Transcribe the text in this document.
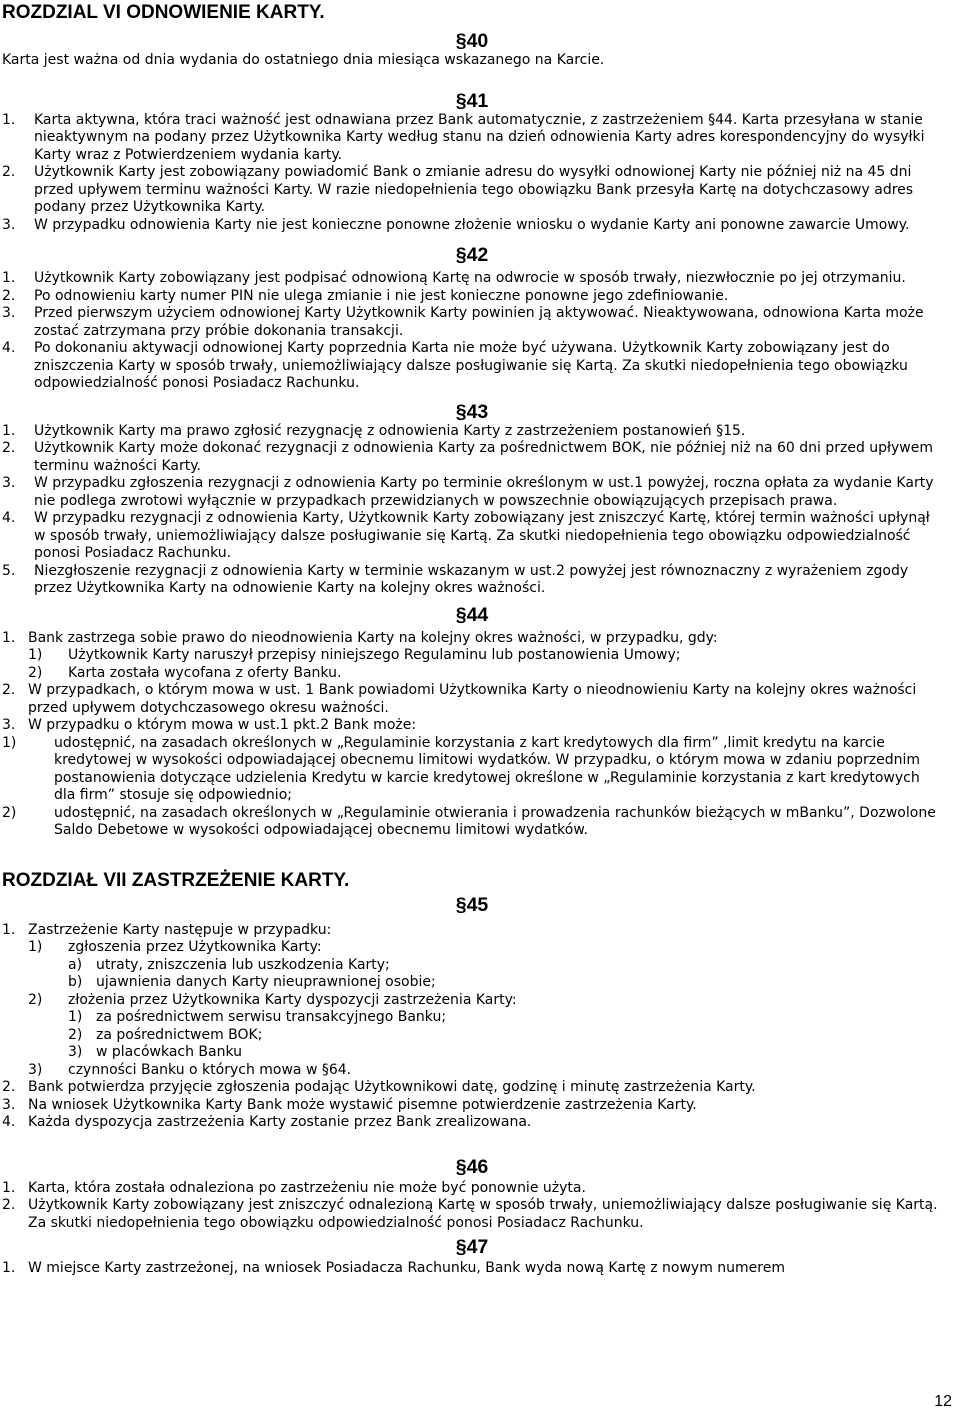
ROZDZIAL VI ODNOWIENIE KARTY.

§ 40

Karta jest ważna od dnia wydania do ostatniego dnia miesiąca wskazanego na Karcie.

§ 41

1.	Karta aktywna, która traci ważność jest odnawiana przez Bank automatycznie, z zastrzeżeniem §44. Karta przesyłana w stanie nieaktywnym na podany przez Użytkownika Karty według stanu na dzień odnowienia Karty adres korespondencyjny do wysyłki Karty wraz z Potwierdzeniem wydania karty.
2.	Użytkownik Karty jest zobowiązany powiadomić Bank o zmianie adresu do wysyłki odnowionej Karty nie później niż na 45 dni przed upływem terminu ważności Karty. W razie niedopełnienia tego obowiązku Bank przesyła Kartę na dotychczasowy adres podany przez Użytkownika Karty.
3.	W przypadku odnowienia Karty nie jest konieczne ponowne złożenie wniosku o wydanie Karty ani ponowne zawarcie Umowy.

§ 42

1.	Użytkownik Karty zobowiązany jest podpisać odnowioną Kartę na odwrocie w sposób trwały, niezwłocznie po jej otrzymaniu.
2.	Po odnowieniu karty numer PIN nie ulega zmianie i nie jest konieczne ponowne jego zdefiniowanie.
3.	Przed pierwszym użyciem odnowionej Karty Użytkownik Karty powinien ją aktywować. Nieaktywowana, odnowiona Karta może zostać zatrzymana przy próbie dokonania transakcji.
4.	Po dokonaniu aktywacji odnowionej Karty poprzednia Karta nie może być używana. Użytkownik Karty zobowiązany jest do zniszczenia Karty w sposób trwały, uniemożliwiający dalsze posługiwanie się Kartą. Za skutki niedopełnienia tego obowiązku odpowiedzialność ponosi Posiadacz Rachunku.

§ 43

1.	Użytkownik Karty ma prawo zgłosić rezygnację z odnowienia Karty z zastrzeżeniem postanowień §15.
2.	Użytkownik Karty może dokonać rezygnacji z odnowienia Karty za pośrednictwem BOK, nie później niż na 60 dni przed upływem terminu ważności Karty.
3.	W przypadku zgłoszenia rezygnacji z odnowienia Karty po terminie określonym w ust.1 powyżej, roczna opłata za wydanie Karty nie podlega zwrotowi wyłącznie w przypadkach przewidzianych w powszechnie obowiązujących przepisach prawa.
4.	W przypadku rezygnacji z odnowienia Karty, Użytkownik Karty zobowiązany jest zniszczyć Kartę, której termin ważności upłynął w sposób trwały, uniemożliwiający dalsze posługiwanie się Kartą. Za skutki niedopełnienia tego obowiązku odpowiedzialność ponosi Posiadacz Rachunku.
5.	Niezgłoszenie rezygnacji z odnowienia Karty w terminie wskazanym w ust.2 powyżej jest równoznaczny z wyrażeniem zgody przez Użytkownika Karty na odnowienie Karty na kolejny okres ważności.

§ 44

1. Bank zastrzega sobie prawo do nieodnowienia Karty na kolejny okres ważności, w przypadku, gdy:
1)	Użytkownik Karty naruszył przepisy niniejszego Regulaminu lub postanowienia Umowy;
2)	Karta została wycofana z oferty Banku.
2. W przypadkach, o którym mowa w ust. 1 Bank powiadomi Użytkownika Karty o nieodnowieniu Karty na kolejny okres ważności przed upływem dotychczasowego okresu ważności.
3. W przypadku o którym mowa w ust.1 pkt.2 Bank może:
1)	udostępnić, na zasadach określonych w „Regulaminie korzystania z kart kredytowych dla firm” ,limit kredytu na karcie kredytowej w wysokości odpowiadającej obecnemu limitowi wydatków. W przypadku, o którym mowa w zdaniu poprzednim postanowienia dotyczące udzielenia Kredytu w karcie kredytowej określone w „Regulaminie korzystania z kart kredytowych dla firm” stosuje się odpowiednio;
2)	udostępnić, na zasadach określonych w „Regulaminie otwierania i prowadzenia rachunków bieżących w mBanku”, Dozwolone Saldo Debetowe w wysokości odpowiadającej obecnemu limitowi wydatków.
ROZDZIAŁ VII ZASTRZEŻENIE KARTY.

§ 45

1. Zastrzeżenie Karty następuje w przypadku:
1)	zgłoszenia przez Użytkownika Karty:
a) utraty, zniszczenia lub uszkodzenia Karty;
b) ujawnienia danych Karty nieuprawnionej osobie;
2)	złożenia przez Użytkownika Karty dyspozycji zastrzeżenia Karty:
1) za pośrednictwem serwisu transakcyjnego Banku;
2) za pośrednictwem BOK;
3) w placówkach Banku
3)	czynności Banku o których mowa w §64.
2. Bank potwierdza przyjęcie zgłoszenia podając Użytkownikowi datę, godzinę i minutę zastrzeżenia Karty.
3. Na wniosek Użytkownika Karty Bank może wystawić pisemne potwierdzenie zastrzeżenia Karty.
4. Każda dyspozycja zastrzeżenia Karty zostanie przez Bank zrealizowana.

§ 46

1. Karta, która została odnaleziona po zastrzeżeniu nie może być ponownie użyta.
2. Użytkownik Karty zobowiązany jest zniszczyć odnalezioną Kartę w sposób trwały, uniemożliwiający dalsze posługiwanie się Kartą. Za skutki niedopełnienia tego obowiązku odpowiedzialność ponosi Posiadacz Rachunku.

§ 47

1. W miejsce Karty zastrzeżonej, na wniosek Posiadacza Rachunku, Bank wyda nową Kartę z nowym numerem
12
